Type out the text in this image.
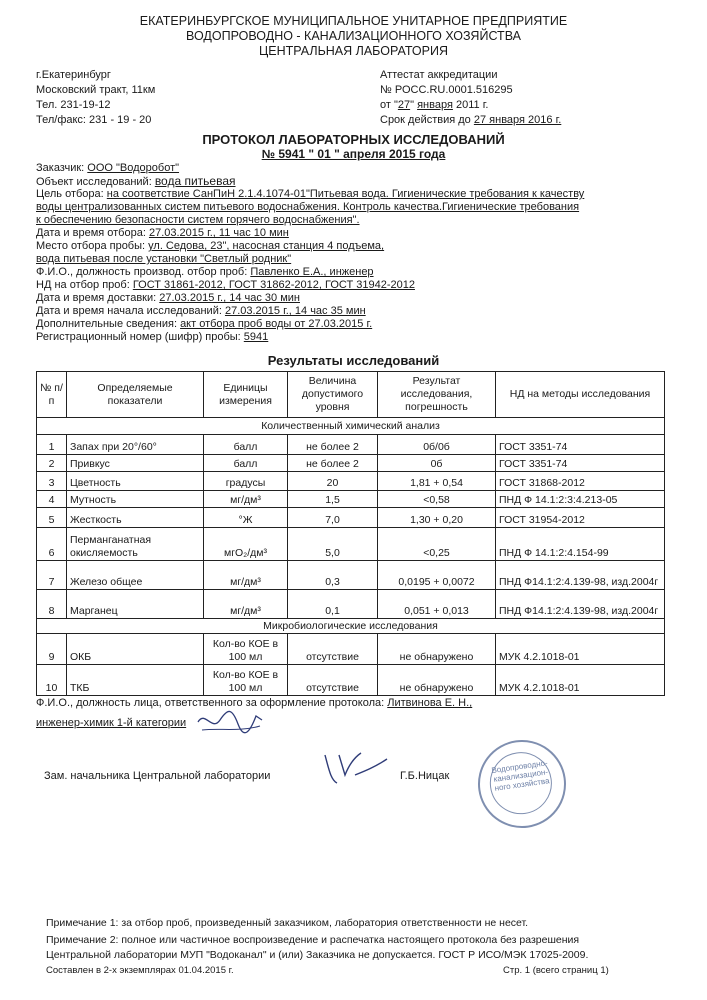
ЕКАТЕРИНБУРГСКОЕ МУНИЦИПАЛЬНОЕ УНИТАРНОЕ ПРЕДПРИЯТИЕ
ВОДОПРОВОДНО - КАНАЛИЗАЦИОННОГО ХОЗЯЙСТВА
ЦЕНТРАЛЬНАЯ ЛАБОРАТОРИЯ
г.Екатеринбург
Московский тракт, 11км
Тел. 231-19-12
Тел/факс: 231 - 19 - 20
Аттестат аккредитации
№ РОСС.RU.0001.516295
от "27" января 2011 г.
Срок действия до 27 января 2016 г.
ПРОТОКОЛ ЛАБОРАТОРНЫХ ИССЛЕДОВАНИЙ
№ 5941 " 01 " апреля 2015 года
Заказчик: ООО "Водоробот"
Объект исследований: вода питьевая
Цель отбора: на соответствие СанПиН 2.1.4.1074-01"Питьевая вода. Гигиенические требования к качеству
воды централизованных систем питьевого водоснабжения. Контроль качества.Гигиенические требования
к обеспечению безопасности систем горячего водоснабжения".
Дата и время отбора: 27.03.2015 г., 11 час 10 мин
Место отбора пробы: ул. Седова, 23", насосная станция 4 подъема,
вода питьевая после установки "Светлый родник"
Ф.И.О., должность производ. отбор проб: Павленко Е.А., инженер
НД на отбор проб: ГОСТ 31861-2012, ГОСТ 31862-2012, ГОСТ 31942-2012
Дата и время доставки: 27.03.2015 г., 14 час 30 мин
Дата и время начала исследований: 27.03.2015 г., 14 час 35 мин
Дополнительные сведения: акт отбора проб воды от 27.03.2015 г.
Регистрационный номер (шифр) пробы: 5941
Результаты исследований
№ п/п	Определяемые показатели	Единицы измерения	Величина допустимого уровня	Результат исследования, погрешность	НД на методы исследования
Количественный химический анализ					
1	Запах при 20°/60°	балл	не более 2	0б/0б	ГОСТ 3351-74
2	Привкус	балл	не более 2	0б	ГОСТ 3351-74
3	Цветность	градусы	20	1,81 + 0,54	ГОСТ 31868-2012
4	Мутность	мг/дм³	1,5	<0,58	ПНД Ф 14.1:2:3:4.213-05
5	Жесткость	°Ж	7,0	1,30 + 0,20	ГОСТ 31954-2012
6	Перманганатная окисляемость	мгО₂/дм³	5,0	<0,25	ПНД Ф 14.1:2:4.154-99
7	Железо общее	мг/дм³	0,3	0,0195 + 0,0072	ПНД Ф14.1:2:4.139-98, изд.2004г
8	Марганец	мг/дм³	0,1	0,051 + 0,013	ПНД Ф14.1:2:4.139-98, изд.2004г
Микробиологические исследования					
9	ОКБ	Кол-во КОЕ в 100 мл	отсутствие	не обнаружено	МУК 4.2.1018-01
10	ТКБ	Кол-во КОЕ в 100 мл	отсутствие	не обнаружено	МУК 4.2.1018-01
Ф.И.О., должность лица, ответственного за оформление протокола: Литвинова Е. Н.,
инженер-химик 1-й категории
Зам. начальника Центральной лаборатории	Г.Б.Ницак
Водопроводно-канализацион-ного хозяйства
Примечание 1: за отбор проб, произведенный заказчиком, лаборатория ответственности не несет.
Примечание 2: полное или частичное воспроизведение и распечатка настоящего протокола без разрешения
Центральной лаборатории МУП "Водоканал" и (или) Заказчика не допускается. ГОСТ Р ИСО/МЭК 17025-2009.
Составлен в 2-х экземплярах 01.04.2015 г.	Стр. 1 (всего страниц 1)
